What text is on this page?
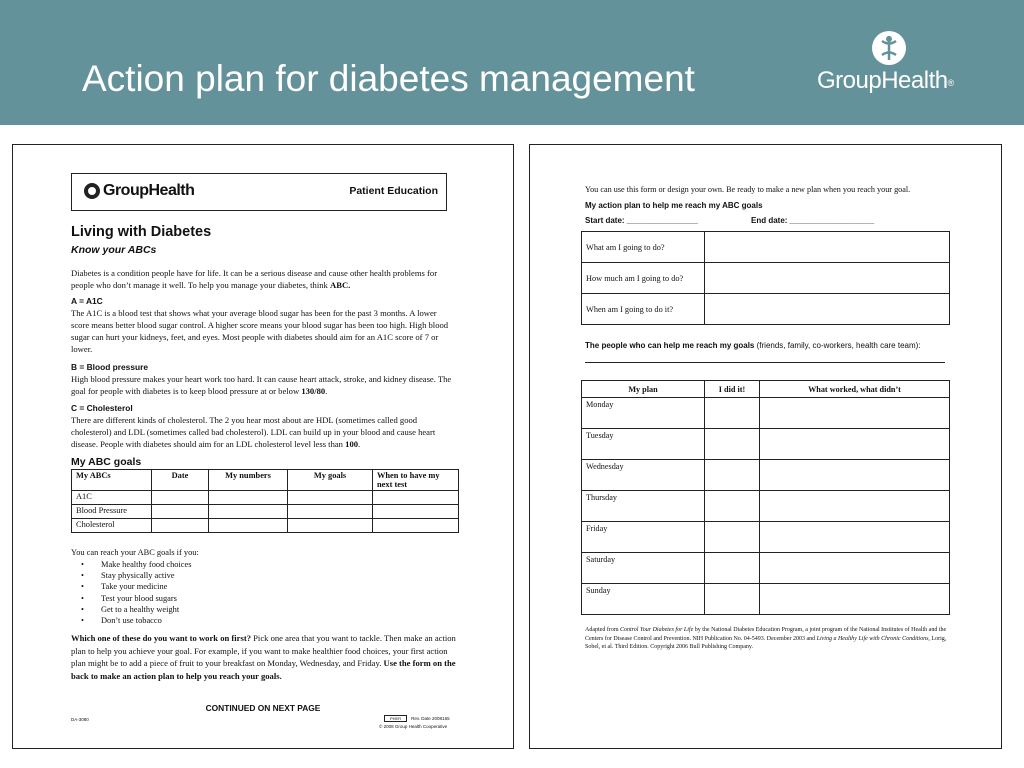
Action plan for diabetes management	GroupHealth®
GroupHealth	Patient Education
Living with Diabetes
Know your ABCs
Diabetes is a condition people have for life. It can be a serious disease and cause other health problems for people who don’t manage it well. To help you manage your diabetes, think ABC.
A = A1C
The A1C is a blood test that shows what your average blood sugar has been for the past 3 months. A lower score means better blood sugar control. A higher score means your blood sugar has been too high. High blood sugar can hurt your kidneys, feet, and eyes. Most people with diabetes should aim for an A1C score of 7 or lower.
B = Blood pressure
High blood pressure makes your heart work too hard. It can cause heart attack, stroke, and kidney disease. The goal for people with diabetes is to keep blood pressure at or below 130/80.
C = Cholesterol
There are different kinds of cholesterol. The 2 you hear most about are HDL (sometimes called good cholesterol) and LDL (sometimes called bad cholesterol). LDL can build up in your blood and cause heart disease. People with diabetes should aim for an LDL cholesterol level less than 100.
My ABC goals
My ABCs	Date	My numbers	My goals	When to have my next test
A1C				
Blood Pressure				
Cholesterol				
You can reach your ABC goals if you:
• Make healthy food choices
• Stay physically active
• Take your medicine
• Test your blood sugars
• Get to a healthy weight
• Don’t use tobacco
Which one of these do you want to work on first? Pick one area that you want to tackle. Then make an action plan to help you achieve your goal. For example, if you want to make healthier food choices, your first action plan might be to add a piece of fruit to your breakfast on Monday, Wednesday, and Friday. Use the form on the back to make an action plan to help you reach your goals.
CONTINUED ON NEXT PAGE
DA-3080	PHER Rev. Date 2008165
© 2008 Group Health Cooperative
You can use this form or design your own. Be ready to make a new plan when you reach your goal.
My action plan to help me reach my ABC goals
Start date: ________________	End date: ___________________
What am I going to do?	
How much am I going to do?	
When am I going to do it?	
The people who can help me reach my goals (friends, family, co-workers, health care team):
My plan	I did it!	What worked, what didn’t
Monday		
Tuesday		
Wednesday		
Thursday		
Friday		
Saturday		
Sunday		
Adapted from Control Your Diabetes for Life by the National Diabetes Education Program, a joint program of the National Institutes of Health and the Centers for Disease Control and Prevention. NIH Publication No. 04-5493. December 2003 and Living a Healthy Life with Chronic Conditions, Lorig, Sobel, et al. Third Edition. Copyright 2006 Bull Publishing Company.
